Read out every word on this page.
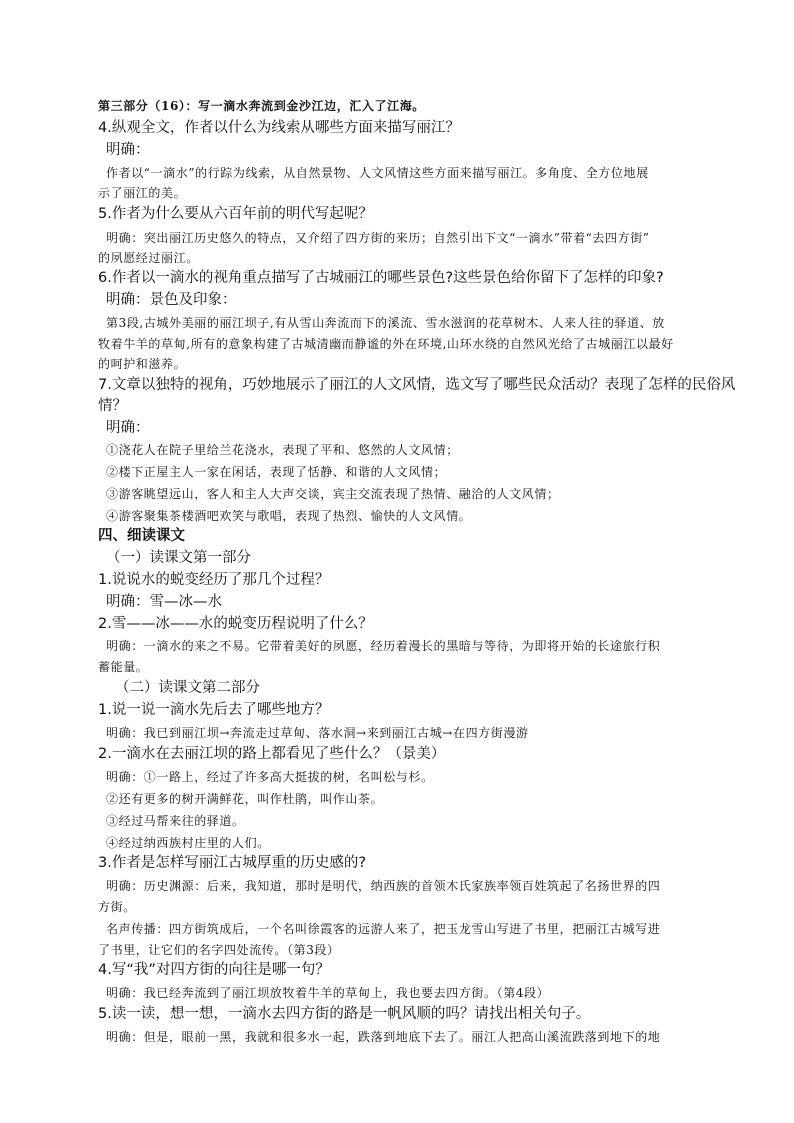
第三部分（16）：写一滴水奔流到金沙江边，汇入了江海。
4.纵观全文，作者以什么为线索从哪些方面来描写丽江？
明确：
作者以“一滴水”的行踪为线索，从自然景物、人文风情这些方面来描写丽江。多角度、全方位地展
示了丽江的美。
5.作者为什么要从六百年前的明代写起呢？
明确：突出丽江历史悠久的特点，又介绍了四方街的来历；自然引出下文“一滴水”带着“去四方街”
的夙愿经过丽江。
6.作者以一滴水的视角重点描写了古城丽江的哪些景色?这些景色给你留下了怎样的印象?
明确：景色及印象：
第3段,古城外美丽的丽江坝子,有从雪山奔流而下的溪流、雪水滋润的花草树木、人来人往的驿道、放
牧着牛羊的草甸,所有的意象构建了古城清幽而静谧的外在环境,山环水绕的自然风光给了古城丽江以最好
的呵护和滋养。
7.文章以独特的视角，巧妙地展示了丽江的人文风情，选文写了哪些民众活动？表现了怎样的民俗风
情？
明确：
①浇花人在院子里给兰花浇水，表现了平和、悠然的人文风情；
②楼下正屋主人一家在闲话，表现了恬静、和谐的人文风情；
③游客眺望远山，客人和主人大声交谈，宾主交流表现了热情、融洽的人文风情；
④游客聚集茶楼酒吧欢笑与歌唱，表现了热烈、愉快的人文风情。
四、细读课文
（一）读课文第一部分
1.说说水的蜕变经历了那几个过程？
明确：雪—冰—水
2.雪——冰——水的蜕变历程说明了什么？
明确：一滴水的来之不易。它带着美好的夙愿，经历着漫长的黑暗与等待，为即将开始的长途旅行积
蓄能量。
（二）读课文第二部分
1.说一说一滴水先后去了哪些地方？
明确：我已到丽江坝→奔流走过草甸、落水洞→来到丽江古城→在四方街漫游
2.一滴水在去丽江坝的路上都看见了些什么？（景美）
明确：①一路上，经过了许多高大挺拔的树，名叫松与杉。
②还有更多的树开满鲜花，叫作杜鹃，叫作山茶。
③经过马帮来往的驿道。
④经过纳西族村庄里的人们。
3.作者是怎样写丽江古城厚重的历史感的?
明确：历史渊源：后来，我知道，那时是明代，纳西族的首领木氏家族率领百姓筑起了名扬世界的四
方街。
名声传播：四方街筑成后，一个名叫徐霞客的远游人来了，把玉龙雪山写进了书里，把丽江古城写进
了书里，让它们的名字四处流传。（第3段）
4.写“我”对四方街的向往是哪一句？
明确：我已经奔流到了丽江坝放牧着牛羊的草甸上，我也要去四方街。（第4段）
5.读一读，想一想，一滴水去四方街的路是一帆风顺的吗？请找出相关句子。
明确：但是，眼前一黑，我就和很多水一起，跌落到地底下去了。丽江人把高山溪流跌落到地下的地
